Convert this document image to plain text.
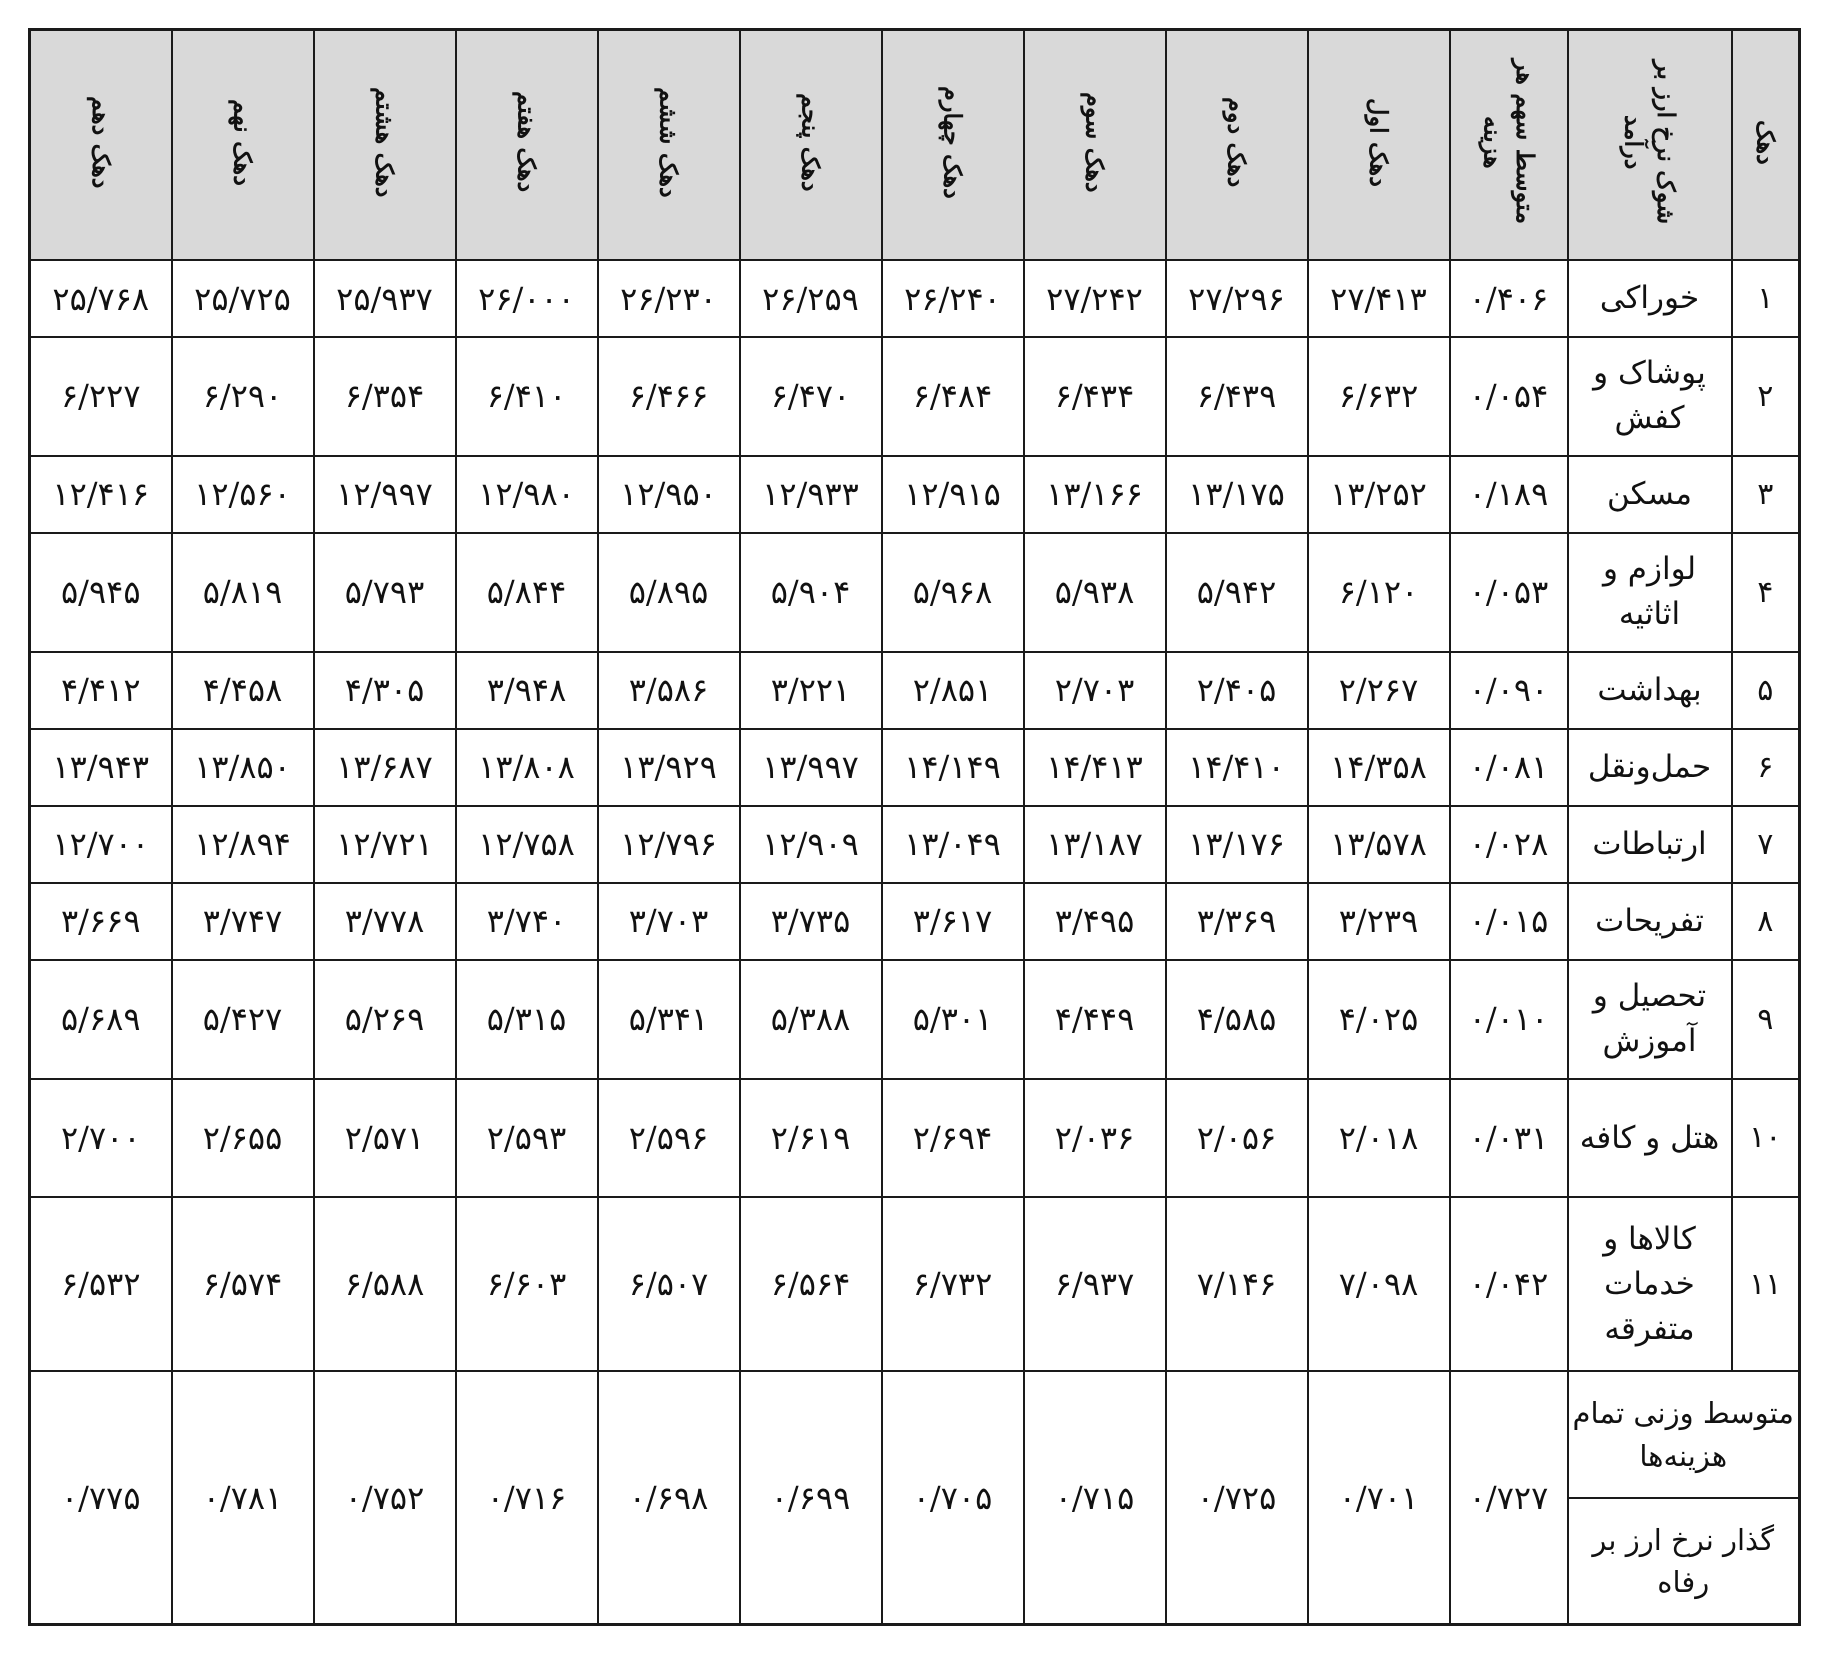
دهک	شوک نرخ ارز بر درآمد	متوسط سهم هر هزینه	دهک اول	دهک دوم	دهک سوم	دهک چهارم	دهک پنجم	دهک ششم	دهک هفتم	دهک هشتم	دهک نهم	دهک دهم
۱	خوراکی	۰/۴۰۶	۲۷/۴۱۳	۲۷/۲۹۶	۲۷/۲۴۲	۲۶/۲۴۰	۲۶/۲۵۹	۲۶/۲۳۰	۲۶/۰۰۰	۲۵/۹۳۷	۲۵/۷۲۵	۲۵/۷۶۸
۲	پوشاک و کفش	۰/۰۵۴	۶/۶۳۲	۶/۴۳۹	۶/۴۳۴	۶/۴۸۴	۶/۴۷۰	۶/۴۶۶	۶/۴۱۰	۶/۳۵۴	۶/۲۹۰	۶/۲۲۷
۳	مسکن	۰/۱۸۹	۱۳/۲۵۲	۱۳/۱۷۵	۱۳/۱۶۶	۱۲/۹۱۵	۱۲/۹۳۳	۱۲/۹۵۰	۱۲/۹۸۰	۱۲/۹۹۷	۱۲/۵۶۰	۱۲/۴۱۶
۴	لوازم و اثاثیه	۰/۰۵۳	۶/۱۲۰	۵/۹۴۲	۵/۹۳۸	۵/۹۶۸	۵/۹۰۴	۵/۸۹۵	۵/۸۴۴	۵/۷۹۳	۵/۸۱۹	۵/۹۴۵
۵	بهداشت	۰/۰۹۰	۲/۲۶۷	۲/۴۰۵	۲/۷۰۳	۲/۸۵۱	۳/۲۲۱	۳/۵۸۶	۳/۹۴۸	۴/۳۰۵	۴/۴۵۸	۴/۴۱۲
۶	حمل‌ونقل	۰/۰۸۱	۱۴/۳۵۸	۱۴/۴۱۰	۱۴/۴۱۳	۱۴/۱۴۹	۱۳/۹۹۷	۱۳/۹۲۹	۱۳/۸۰۸	۱۳/۶۸۷	۱۳/۸۵۰	۱۳/۹۴۳
۷	ارتباطات	۰/۰۲۸	۱۳/۵۷۸	۱۳/۱۷۶	۱۳/۱۸۷	۱۳/۰۴۹	۱۲/۹۰۹	۱۲/۷۹۶	۱۲/۷۵۸	۱۲/۷۲۱	۱۲/۸۹۴	۱۲/۷۰۰
۸	تفریحات	۰/۰۱۵	۳/۲۳۹	۳/۳۶۹	۳/۴۹۵	۳/۶۱۷	۳/۷۳۵	۳/۷۰۳	۳/۷۴۰	۳/۷۷۸	۳/۷۴۷	۳/۶۶۹
۹	تحصیل و آموزش	۰/۰۱۰	۴/۰۲۵	۴/۵۸۵	۴/۴۴۹	۵/۳۰۱	۵/۳۸۸	۵/۳۴۱	۵/۳۱۵	۵/۲۶۹	۵/۴۲۷	۵/۶۸۹
۱۰	هتل و کافه	۰/۰۳۱	۲/۰۱۸	۲/۰۵۶	۲/۰۳۶	۲/۶۹۴	۲/۶۱۹	۲/۵۹۶	۲/۵۹۳	۲/۵۷۱	۲/۶۵۵	۲/۷۰۰
۱۱	کالاها و خدمات متفرقه	۰/۰۴۲	۷/۰۹۸	۷/۱۴۶	۶/۹۳۷	۶/۷۳۲	۶/۵۶۴	۶/۵۰۷	۶/۶۰۳	۶/۵۸۸	۶/۵۷۴	۶/۵۳۲
متوسط وزنی تمام هزینه‌ها		۰/۷۲۷	۰/۷۰۱	۰/۷۲۵	۰/۷۱۵	۰/۷۰۵	۰/۶۹۹	۰/۶۹۸	۰/۷۱۶	۰/۷۵۲	۰/۷۸۱	۰/۷۷۵
گذار نرخ ارز بر رفاه												
